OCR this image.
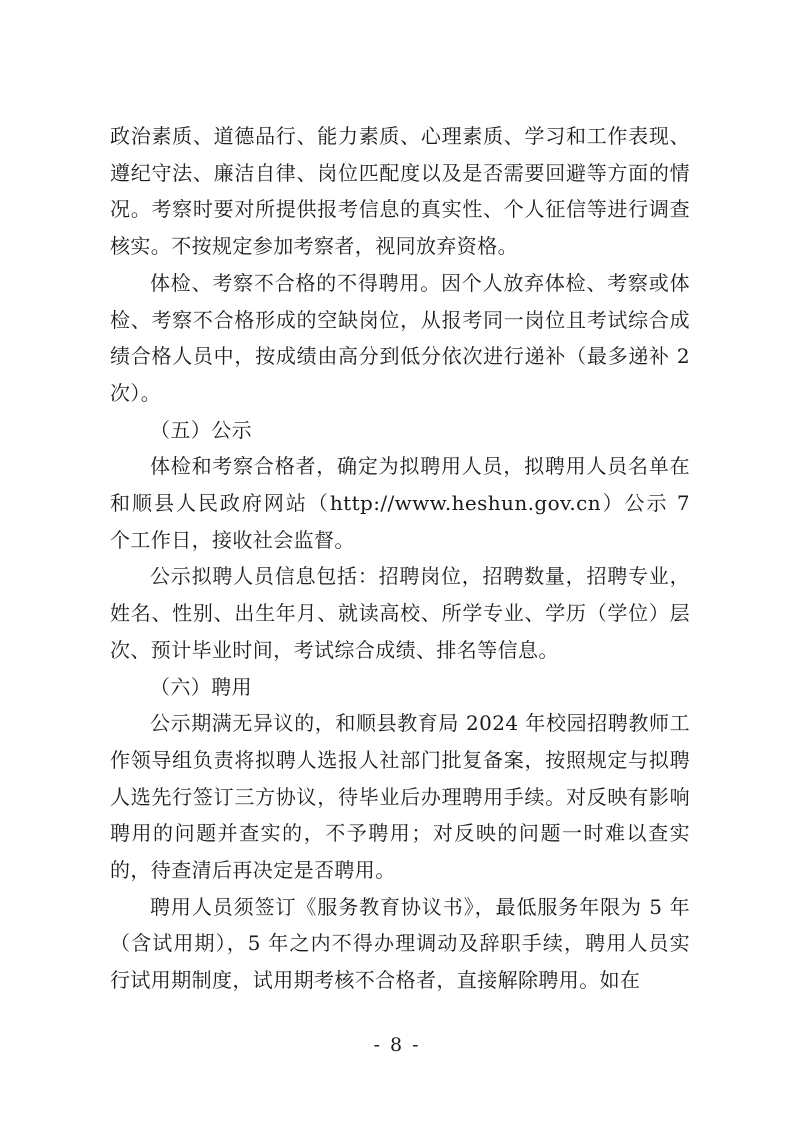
政治素质、道德品行、能力素质、心理素质、学习和工作表现、遵纪守法、廉洁自律、岗位匹配度以及是否需要回避等方面的情况。考察时要对所提供报考信息的真实性、个人征信等进行调查核实。不按规定参加考察者，视同放弃资格。

体检、考察不合格的不得聘用。因个人放弃体检、考察或体检、考察不合格形成的空缺岗位，从报考同一岗位且考试综合成绩合格人员中，按成绩由高分到低分依次进行递补（最多递补 2 次）。

（五）公示

体检和考察合格者，确定为拟聘用人员，拟聘用人员名单在和顺县人民政府网站（http://www.heshun.gov.cn）公示 7 个工作日，接收社会监督。

公示拟聘人员信息包括：招聘岗位，招聘数量，招聘专业，姓名、性别、出生年月、就读高校、所学专业、学历（学位）层次、预计毕业时间，考试综合成绩、排名等信息。

（六）聘用

公示期满无异议的，和顺县教育局 2024 年校园招聘教师工作领导组负责将拟聘人选报人社部门批复备案，按照规定与拟聘人选先行签订三方协议，待毕业后办理聘用手续。对反映有影响聘用的问题并查实的，不予聘用；对反映的问题一时难以查实的，待查清后再决定是否聘用。

聘用人员须签订《服务教育协议书》，最低服务年限为 5 年（含试用期），5 年之内不得办理调动及辞职手续，聘用人员实行试用期制度，试用期考核不合格者，直接解除聘用。如在

- 8 -
